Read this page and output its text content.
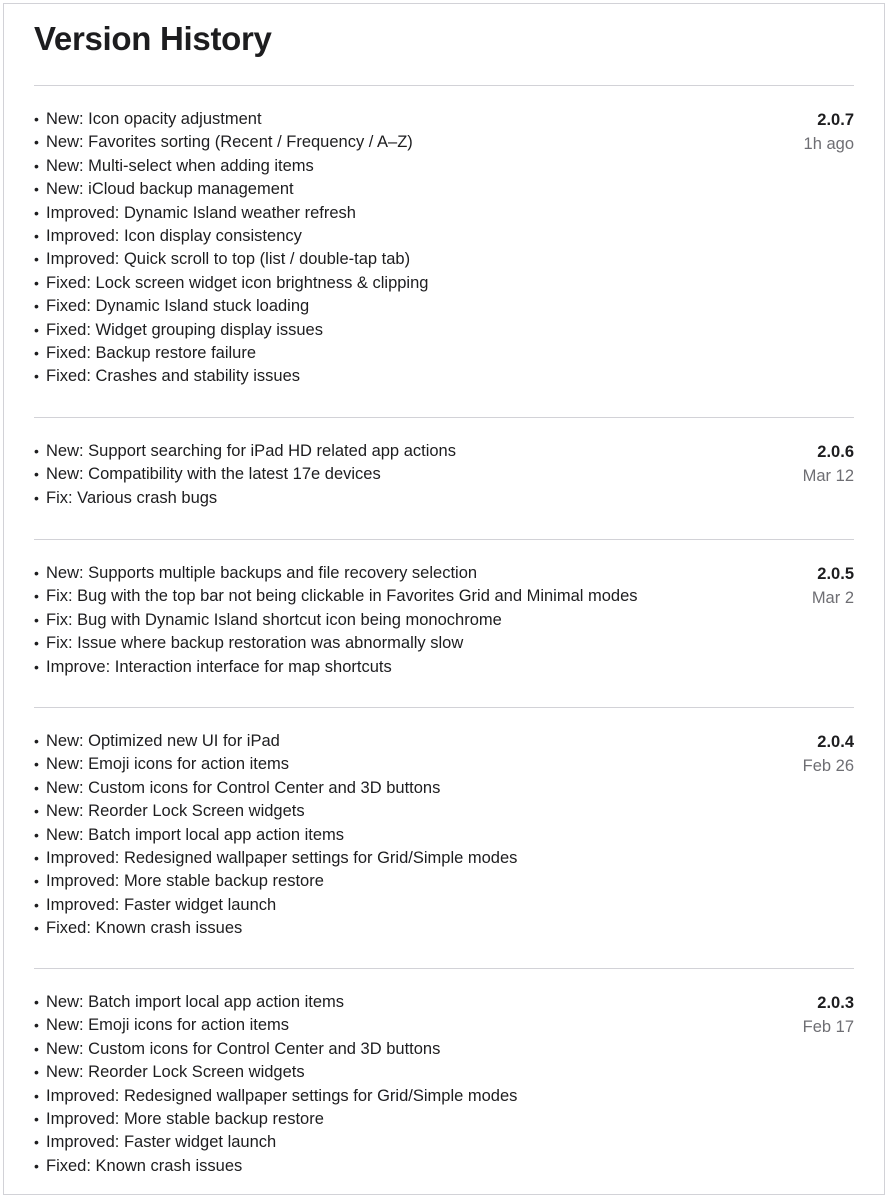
Version History
• New: Icon opacity adjustment
• New: Favorites sorting (Recent / Frequency / A–Z)
• New: Multi-select when adding items
• New: iCloud backup management
• Improved: Dynamic Island weather refresh
• Improved: Icon display consistency
• Improved: Quick scroll to top (list / double-tap tab)
• Fixed: Lock screen widget icon brightness & clipping
• Fixed: Dynamic Island stuck loading
• Fixed: Widget grouping display issues
• Fixed: Backup restore failure
• Fixed: Crashes and stability issues
2.0.7
1h ago
• New: Support searching for iPad HD related app actions
• New: Compatibility with the latest 17e devices
• Fix: Various crash bugs
2.0.6
Mar 12
• New: Supports multiple backups and file recovery selection
• Fix: Bug with the top bar not being clickable in Favorites Grid and Minimal modes
• Fix: Bug with Dynamic Island shortcut icon being monochrome
• Fix: Issue where backup restoration was abnormally slow
• Improve: Interaction interface for map shortcuts
2.0.5
Mar 2
• New: Optimized new UI for iPad
• New: Emoji icons for action items
• New: Custom icons for Control Center and 3D buttons
• New: Reorder Lock Screen widgets
• New: Batch import local app action items
• Improved: Redesigned wallpaper settings for Grid/Simple modes
• Improved: More stable backup restore
• Improved: Faster widget launch
• Fixed: Known crash issues
2.0.4
Feb 26
• New: Batch import local app action items
• New: Emoji icons for action items
• New: Custom icons for Control Center and 3D buttons
• New: Reorder Lock Screen widgets
• Improved: Redesigned wallpaper settings for Grid/Simple modes
• Improved: More stable backup restore
• Improved: Faster widget launch
• Fixed: Known crash issues
2.0.3
Feb 17
